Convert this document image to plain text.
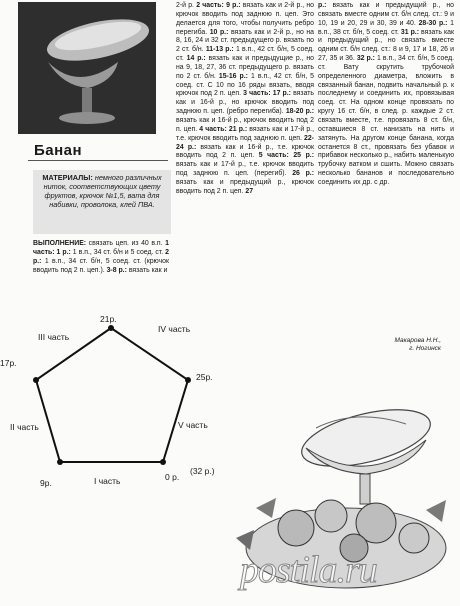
Банан
МАТЕРИАЛЫ: немного различных ниток, соответствующих цвету фруктов, крючок №1,5, вата для набивки, проволока, клей ПВА.
ВЫПОЛНЕНИЕ: связать цеп. из 40 в.п. 1 часть: 1 р.: 1 в.п., 34 ст. б/н и 5 соед. ст. 2 р.: 1 в.п., 34 ст. б/н, 5 соед. ст. (крючок вводить под 2 п. цеп.). 3-8 р.: вязать как и
2-й р. 2 часть: 9 р.: вязать как и 2-й р., но крючок вводить под заднюю п. цеп. Это делается для того, чтобы получить ребро перегиба. 10 р.: вязать как и 2-й р., но на 8, 16, 24 и 32 ст. предыдущего р. вязать по 2 ст. б/н. 11-13 р.: 1 в.п., 42 ст. б/н, 5 соед. ст. 14 р.: вязать как и предыдущие р., но на 9, 18, 27, 36 ст. предыдущего р. вязать по 2 ст. б/н. 15-16 р.: 1 в.п., 42 ст. б/н, 5 соед. ст. С 10 по 16 ряды вязать, вводя крючок под 2 п. цеп. 3 часть: 17 р.: вязать как и 16-й р., но крючок вводить под заднюю п. цеп. (ребро перегиба). 18-20 р.: вязать как и 16-й р., крючок вводить под 2 п. цеп. 4 часть: 21 р.: вязать как и 17-й р., т.е. крючок вводить под заднюю п. цеп. 22-24 р.: вязать как и 16-й р., т.е. крючок вводить под 2 п. цеп. 5 часть: 25 р.: вязать как и 17-й р., т.е. крючок вводить под заднюю п. цеп. (перегиб). 26 р.: вязать как и предыдущий р., крючок вводить под 2 п. цеп. 27
р.: вязать как и предыдущий р., но связать вместе одним ст. б/н след. ст.: 9 и 10, 19 и 20, 29 и 30, 39 и 40. 28-30 р.: 1 в.п., 38 ст. б/н, 5 соед. ст. 31 р.: вязать как и предыдущий р., но связать вместе одним ст. б/н след. ст.: 8 и 9, 17 и 18, 26 и 27, 35 и 36. 32 р.: 1 в.п., 34 ст. б/н, 5 соед. ст. Вату скрутить трубочкой определенного диаметра, вложить в связанный банан, подвить начальный р. к последнему и соединить их, провязывая соед. ст. На одном конце провязать по кругу 16 ст. б/н, в след. р. каждые 2 ст. связать вместе, т.е. провязать 8 ст. б/н, оставшиеся 8 ст. нанизать на нить и затянуть. На другом конце банана, когда останется 8 ст., провязать без убавок и прибавок несколько р., набить маленькую трубочку ватком и сшить. Можно связать несколько бананов и последовательно соединить их др. с др.
Макарова Н.Н.,
г. Ногинск
21р.
17р.
25р.
9р.
0 р.
(32 р.)
I часть
II часть
III часть
IV часть
V часть
postila.ru
